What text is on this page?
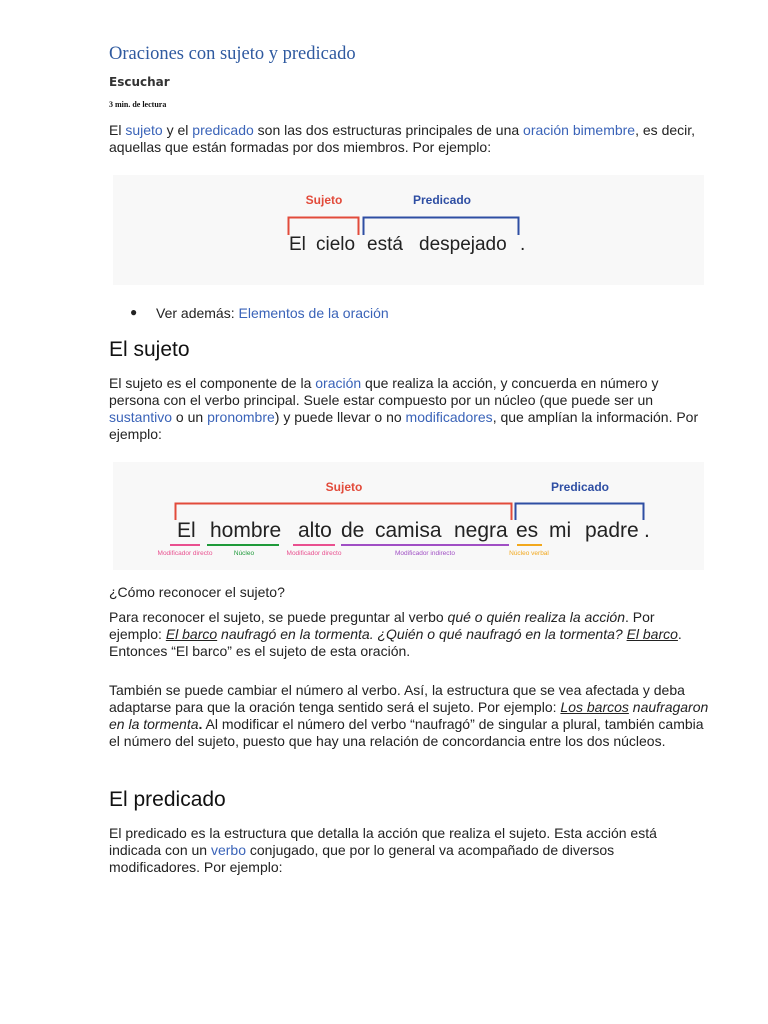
Oraciones con sujeto y predicado
Escuchar
3 min. de lectura

El sujeto y el predicado son las dos estructuras principales de una oración bimembre, es decir, aquellas que están formadas por dos miembros. Por ejemplo:

Sujeto	Predicado
El cielo está despejado .
● Ver además: Elementos de la oración
El sujeto

El sujeto es el componente de la oración que realiza la acción, y concuerda en número y persona con el verbo principal. Suele estar compuesto por un núcleo (que puede ser un sustantivo o un pronombre) y puede llevar o no modificadores, que amplían la información. Por ejemplo:

Sujeto	Predicado
El hombre alto de camisa negra es mi padre .
Modificador directo	Núcleo	Modificador directo	Modificador indirecto	Núcleo verbal

¿Cómo reconocer el sujeto?

Para reconocer el sujeto, se puede preguntar al verbo qué o quién realiza la acción. Por ejemplo: El barco naufragó en la tormenta. ¿Quién o qué naufragó en la tormenta? El barco. Entonces “El barco” es el sujeto de esta oración.

También se puede cambiar el número al verbo. Así, la estructura que se vea afectada y deba adaptarse para que la oración tenga sentido será el sujeto. Por ejemplo: Los barcos naufragaron en la tormenta. Al modificar el número del verbo “naufragó” de singular a plural, también cambia el número del sujeto, puesto que hay una relación de concordancia entre los dos núcleos.

El predicado

El predicado es la estructura que detalla la acción que realiza el sujeto. Esta acción está indicada con un verbo conjugado, que por lo general va acompañado de diversos modificadores. Por ejemplo:
